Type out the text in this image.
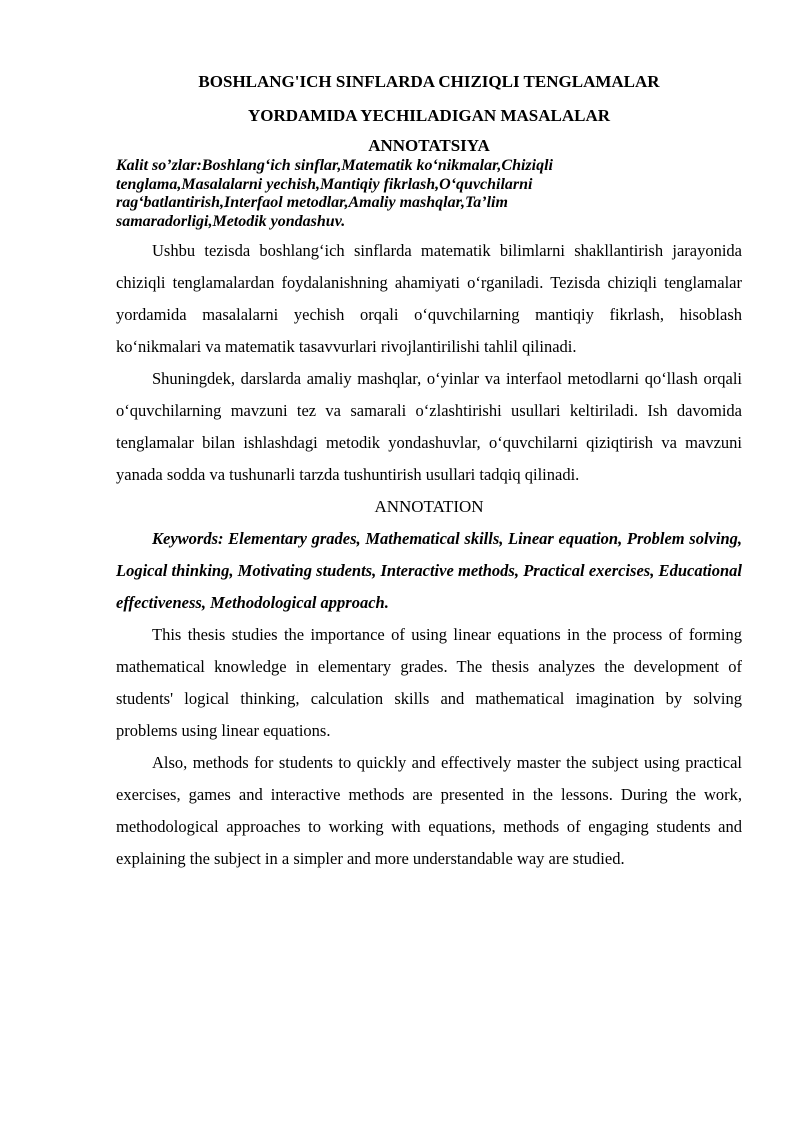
BOSHLANG'ICH SINFLARDA CHIZIQLI TENGLAMALAR

YORDAMIDA YECHILADIGAN MASALALAR

ANNOTATSIYA

Kalit so’zlar:Boshlang‘ich sinflar,Matematik ko‘nikmalar,Chiziqli tenglama,Masalalarni yechish,Mantiqiy fikrlash,O‘quvchilarni rag‘batlantirish,Interfaol metodlar,Amaliy mashqlar,Ta’lim samaradorligi,Metodik yondashuv.

Ushbu tezisda boshlang‘ich sinflarda matematik bilimlarni shakllantirish jarayonida chiziqli tenglamalardan foydalanishning ahamiyati o‘rganiladi. Tezisda chiziqli tenglamalar yordamida masalalarni yechish orqali o‘quvchilarning mantiqiy fikrlash, hisoblash ko‘nikmalari va matematik tasavvurlari rivojlantirilishi tahlil qilinadi.

Shuningdek, darslarda amaliy mashqlar, o‘yinlar va interfaol metodlarni qo‘llash orqali o‘quvchilarning mavzuni tez va samarali o‘zlashtirishi usullari keltiriladi. Ish davomida tenglamalar bilan ishlashdagi metodik yondashuvlar, o‘quvchilarni qiziqtirish va mavzuni yanada sodda va tushunarli tarzda tushuntirish usullari tadqiq qilinadi.

ANNOTATION

Keywords: Elementary grades, Mathematical skills, Linear equation, Problem solving, Logical thinking, Motivating students, Interactive methods, Practical exercises, Educational effectiveness, Methodological approach.

This thesis studies the importance of using linear equations in the process of forming mathematical knowledge in elementary grades. The thesis analyzes the development of students' logical thinking, calculation skills and mathematical imagination by solving problems using linear equations.

Also, methods for students to quickly and effectively master the subject using practical exercises, games and interactive methods are presented in the lessons. During the work, methodological approaches to working with equations, methods of engaging students and explaining the subject in a simpler and more understandable way are studied.
